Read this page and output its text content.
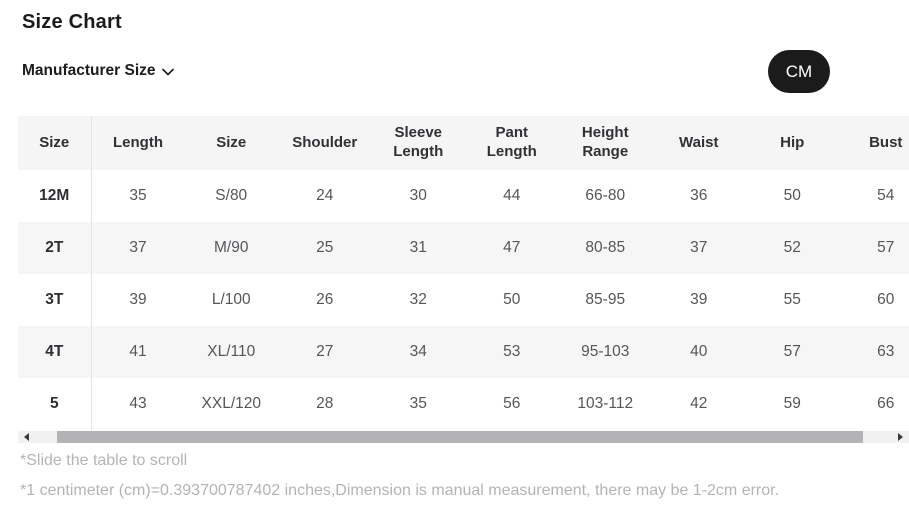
Size Chart
Manufacturer Size	CM
Size	Length	Size	Shoulder	Sleeve Length	Pant Length	Height Range	Waist	Hip	Bust
12M	35	S/80	24	30	44	66-80	36	50	54
2T	37	M/90	25	31	47	80-85	37	52	57
3T	39	L/100	26	32	50	85-95	39	55	60
4T	41	XL/110	27	34	53	95-103	40	57	63
5	43	XXL/120	28	35	56	103-112	42	59	66
*Slide the table to scroll
*1 centimeter (cm)=0.393700787402 inches,Dimension is manual measurement, there may be 1-2cm error.
